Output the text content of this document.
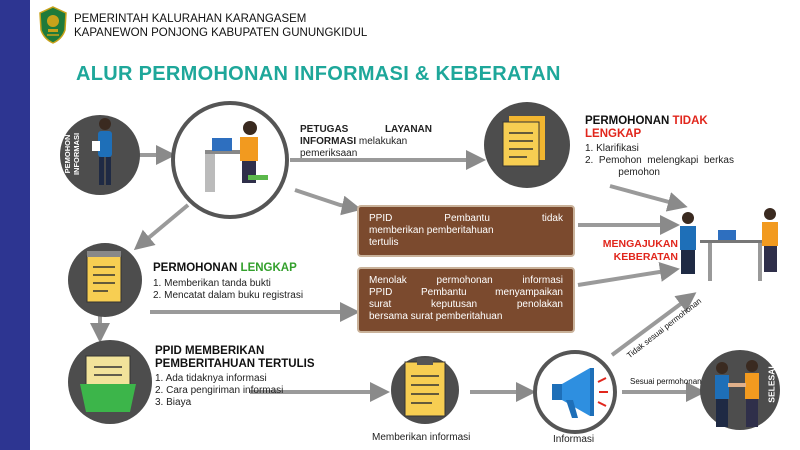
PEMERINTAH KALURAHAN KARANGASEM
KAPANEWON PONJONG KABUPATEN GUNUNGKIDUL
ALUR PERMOHONAN INFORMASI & KEBERATAN
PEMOHON INFORMASI
PETUGAS LAYANAN
INFORMASI melakukan
pemeriksaan
PERMOHONAN TIDAK
LENGKAP
1. Klarifikasi
2.  Pemohon  melengkapi  berkas
pemohon
PPID     Pembantu     tidak
memberikan pemberitahuan
tertulis	MENGAJUKAN
KEBERATAN
PERMOHONAN LENGKAP
1. Memberikan tanda bukti
2. Mencatat dalam buku registrasi
Menolak  permohonan  informasi
PPID  Pembantu  menyampaikan
surat   keputusan   penolakan
bersama surat pemberitahuan
PPID MEMBERIKAN
PEMBERITAHUAN TERTULIS
1. Ada tidaknya informasi
2. Cara pengiriman informasi
3. Biaya
Memberikan informasi	Informasi
Sesuai permohonan
Tidak sesuai permohonan
SELESAI
